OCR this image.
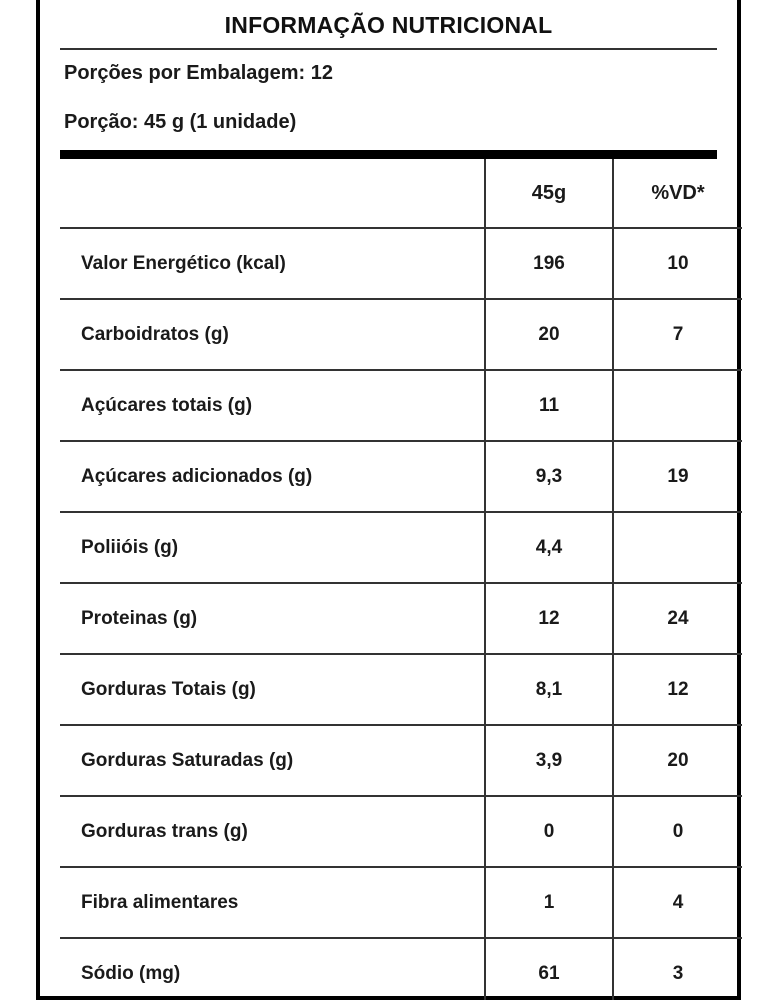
INFORMAÇÃO NUTRICIONAL
Porções por Embalagem: 12
Porção: 45 g (1 unidade)
	45g	%VD*
Valor Energético (kcal)	196	10
Carboidratos (g)	20	7
Açúcares totais (g)	11	
Açúcares adicionados (g)	9,3	19
Poliióis (g)	4,4	
Proteinas (g)	12	24
Gorduras Totais (g)	8,1	12
Gorduras Saturadas (g)	3,9	20
Gorduras trans (g)	0	0
Fibra alimentares	1	4
Sódio (mg)	61	3
